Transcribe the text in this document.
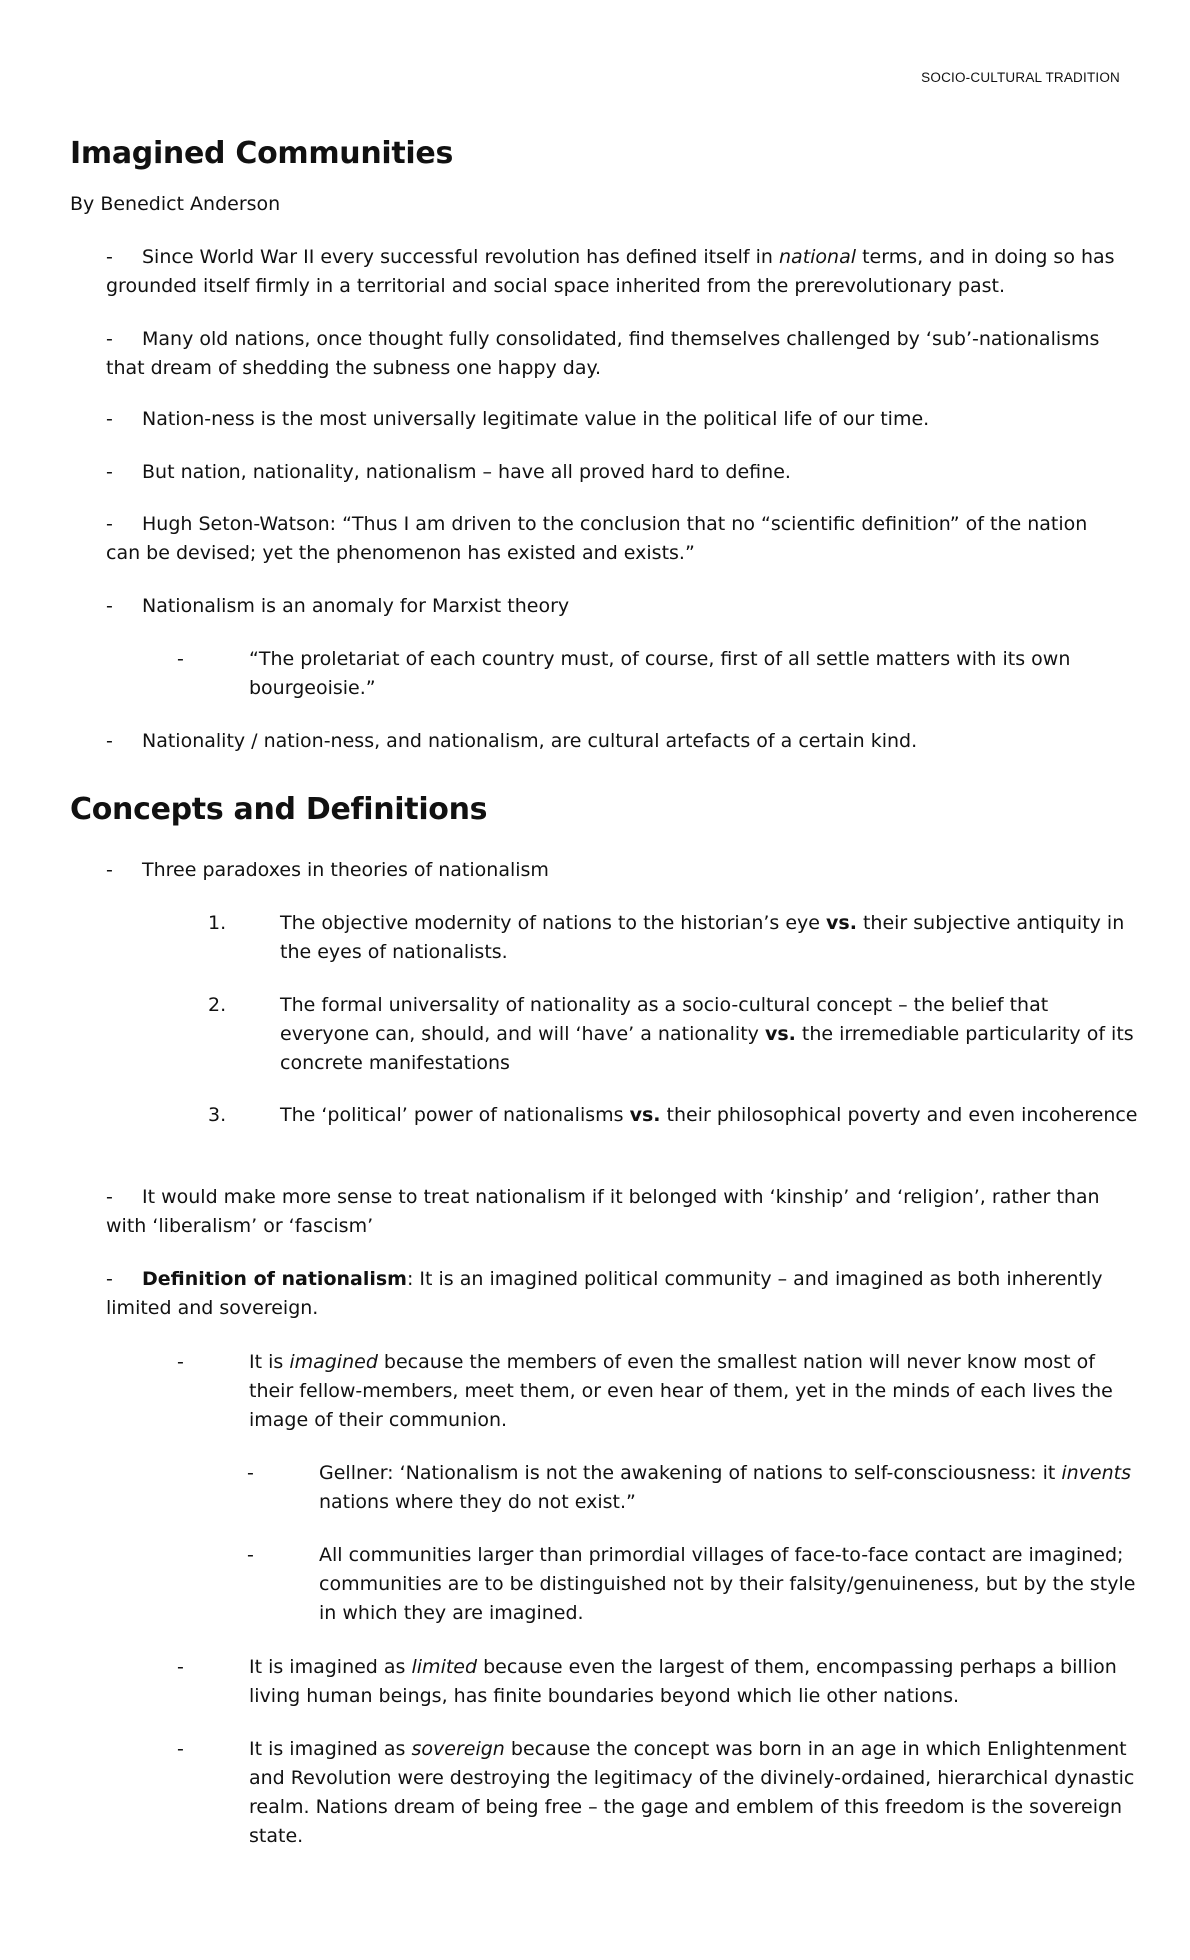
SOCIO-CULTURAL TRADITION
Imagined Communities
By Benedict Anderson
- Since World War II every successful revolution has defined itself in national terms, and in doing so has grounded itself firmly in a territorial and social space inherited from the prerevolutionary past.
- Many old nations, once thought fully consolidated, find themselves challenged by ‘sub’-nationalisms that dream of shedding the subness one happy day.
- Nation-ness is the most universally legitimate value in the political life of our time.
- But nation, nationality, nationalism – have all proved hard to define.
- Hugh Seton-Watson: “Thus I am driven to the conclusion that no “scientific definition” of the nation can be devised; yet the phenomenon has existed and exists.”
- Nationalism is an anomaly for Marxist theory
-	“The proletariat of each country must, of course, first of all settle matters with its own bourgeoisie.”
- Nationality / nation-ness, and nationalism, are cultural artefacts of a certain kind.
Concepts and Definitions
- Three paradoxes in theories of nationalism
1.	The objective modernity of nations to the historian’s eye vs. their subjective antiquity in the eyes of nationalists.
2.	The formal universality of nationality as a socio-cultural concept – the belief that everyone can, should, and will ‘have’ a nationality vs. the irremediable particularity of its concrete manifestations
3.	The ‘political’ power of nationalisms vs. their philosophical poverty and even incoherence
- It would make more sense to treat nationalism if it belonged with ‘kinship’ and ‘religion’, rather than with ‘liberalism’ or ‘fascism’
- Definition of nationalism: It is an imagined political community – and imagined as both inherently limited and sovereign.
-	It is imagined because the members of even the smallest nation will never know most of their fellow-members, meet them, or even hear of them, yet in the minds of each lives the image of their communion.
-	Gellner: ‘Nationalism is not the awakening of nations to self-consciousness: it invents nations where they do not exist.”
-	All communities larger than primordial villages of face-to-face contact are imagined; communities are to be distinguished not by their falsity/genuineness, but by the style in which they are imagined.
-	It is imagined as limited because even the largest of them, encompassing perhaps a billion living human beings, has finite boundaries beyond which lie other nations.
-	It is imagined as sovereign because the concept was born in an age in which Enlightenment and Revolution were destroying the legitimacy of the divinely-ordained, hierarchical dynastic realm. Nations dream of being free – the gage and emblem of this freedom is the sovereign state.
